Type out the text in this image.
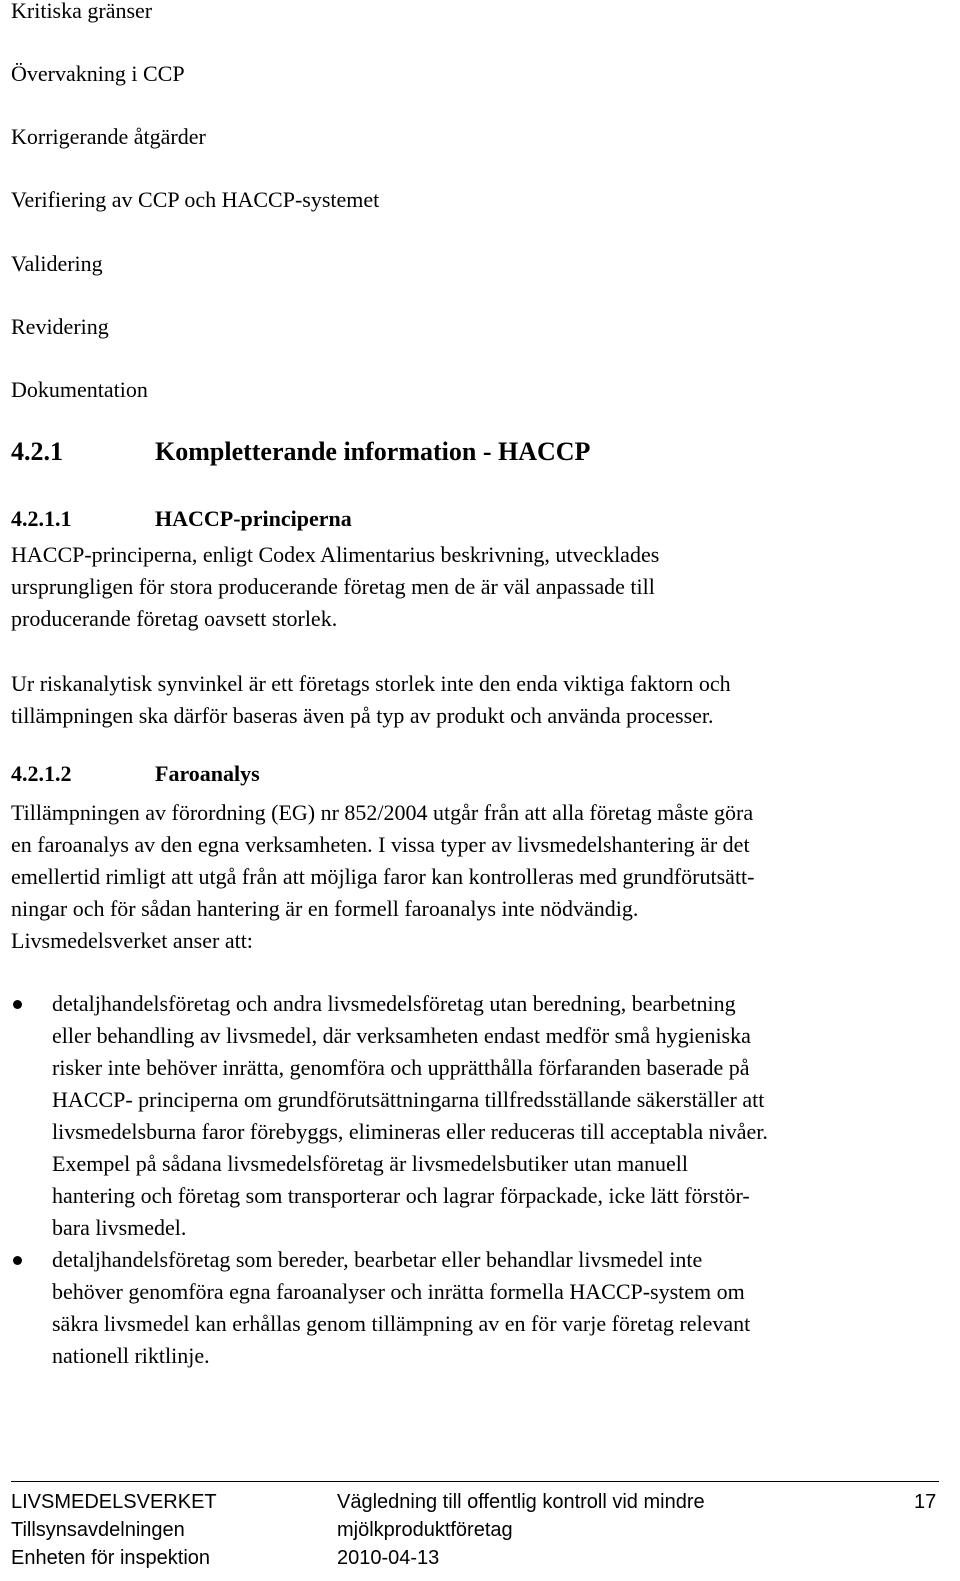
Kritiska gränser
Övervakning i CCP
Korrigerande åtgärder
Verifiering av CCP och HACCP-systemet
Validering
Revidering
Dokumentation
4.2.1	Kompletterande information - HACCP
4.2.1.1	HACCP-principerna
HACCP-principerna, enligt Codex Alimentarius beskrivning, utvecklades
ursprungligen för stora producerande företag men de är väl anpassade till
producerande företag oavsett storlek.
Ur riskanalytisk synvinkel är ett företags storlek inte den enda viktiga faktorn och
tillämpningen ska därför baseras även på typ av produkt och använda processer.
4.2.1.2	Faroanalys
Tillämpningen av förordning (EG) nr 852/2004 utgår från att alla företag måste göra
en faroanalys av den egna verksamheten. I vissa typer av livsmedelshantering är det
emellertid rimligt att utgå från att möjliga faror kan kontrolleras med grundförutsätt-
ningar och för sådan hantering är en formell faroanalys inte nödvändig.
Livsmedelsverket anser att:
detaljhandelsföretag och andra livsmedelsföretag utan beredning, bearbetning
eller behandling av livsmedel, där verksamheten endast medför små hygieniska
risker inte behöver inrätta, genomföra och upprätthålla förfaranden baserade på
HACCP- principerna om grundförutsättningarna tillfredsställande säkerställer att
livsmedelsburna faror förebyggs, elimineras eller reduceras till acceptabla nivåer.
Exempel på sådana livsmedelsföretag är livsmedelsbutiker utan manuell
hantering och företag som transporterar och lagrar förpackade, icke lätt förstör-
bara livsmedel.
detaljhandelsföretag som bereder, bearbetar eller behandlar livsmedel inte
behöver genomföra egna faroanalyser och inrätta formella HACCP-system om
säkra livsmedel kan erhållas genom tillämpning av en för varje företag relevant
nationell riktlinje.
LIVSMEDELSVERKET
Tillsynsavdelningen
Enheten för inspektion
Vägledning till offentlig kontroll vid mindre
mjölkproduktföretag
2010-04-13
17
